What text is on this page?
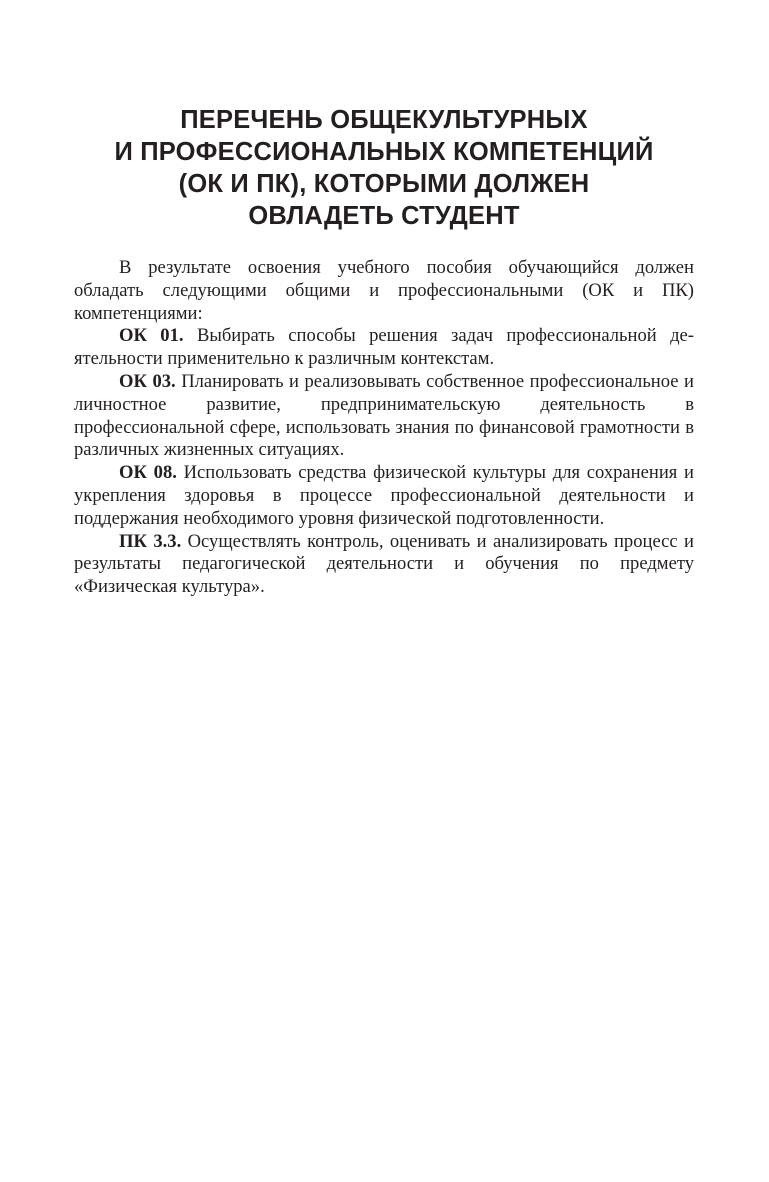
ПЕРЕЧЕНЬ ОБЩЕКУЛЬТУРНЫХ
И ПРОФЕССИОНАЛЬНЫХ КОМПЕТЕНЦИЙ
(ОК И ПК), КОТОРЫМИ ДОЛЖЕН
ОВЛАДЕТЬ СТУДЕНТ

В результате освоения учебного пособия обучающийся должен обладать следующими общими и профессиональными (ОК и ПК) компетенциями:

ОК 01. Выбирать способы решения задач профессиональной деятельности применительно к различным контекстам.

ОК 03. Планировать и реализовывать собственное профессиональное и личностное развитие, предпринимательскую деятельность в профессиональной сфере, использовать знания по финансовой грамотности в различных жизненных ситуациях.

ОК 08. Использовать средства физической культуры для сохранения и укрепления здоровья в процессе профессиональной деятельности и поддержания необходимого уровня физической подготовленности.

ПК 3.3. Осуществлять контроль, оценивать и анализировать процесс и результаты педагогической деятельности и обучения по предмету «Физическая культура».
